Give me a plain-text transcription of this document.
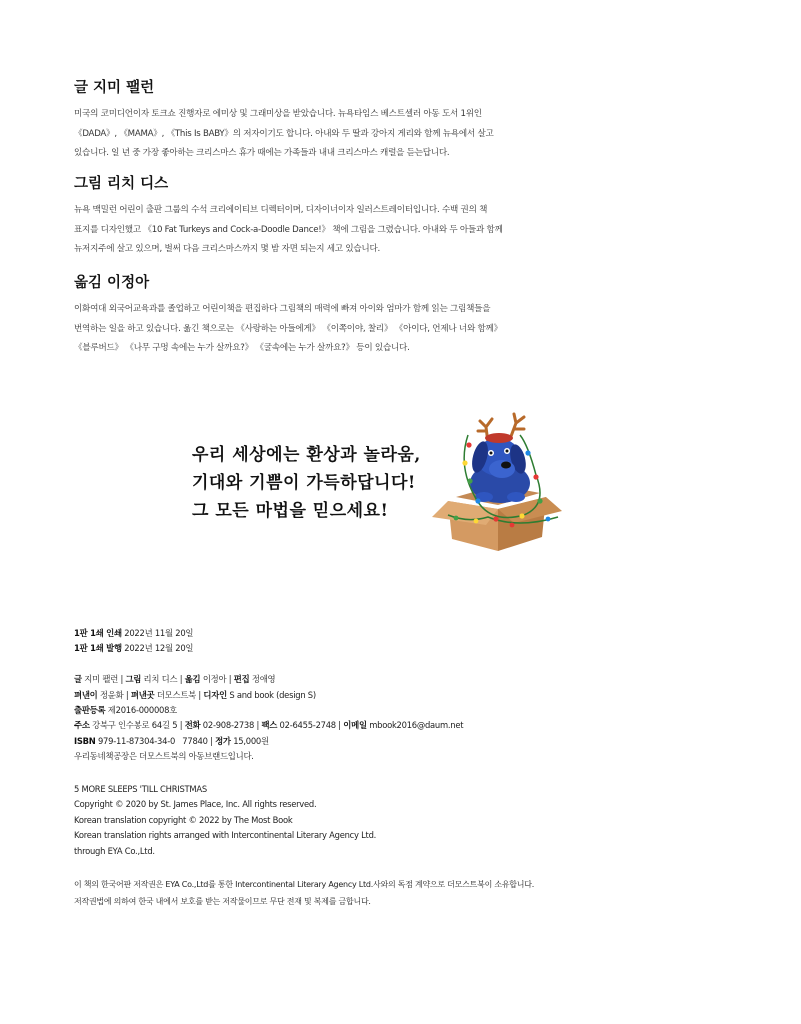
글 지미 팰런

미국의 코미디언이자 토크쇼 진행자로 에미상 및 그래미상을 받았습니다. 뉴욕타임스 베스트셀러 아동 도서 1위인

《DADA》, 《MAMA》, 《This Is BABY》의 저자이기도 합니다. 아내와 두 딸과 강아지 게리와 함께 뉴욕에서 살고

있습니다. 일 년 중 가장 좋아하는 크리스마스 휴가 때에는 가족들과 내내 크리스마스 캐럴을 듣는답니다.

그림 리치 디스

뉴욕 맥밀런 어린이 출판 그룹의 수석 크리에이티브 디렉터이며, 디자이너이자 일러스트레이터입니다. 수백 권의 책

표지를 디자인했고 《10 Fat Turkeys and Cock-a-Doodle Dance!》 책에 그림을 그렸습니다. 아내와 두 아들과 함께

뉴저지주에 살고 있으며, 벌써 다음 크리스마스까지 몇 밤 자면 되는지 세고 있습니다.

옮김 이정아

이화여대 외국어교육과를 졸업하고 어린이책을 편집하다 그림책의 매력에 빠져 아이와 엄마가 함께 읽는 그림책들을

번역하는 일을 하고 있습니다. 옮긴 책으로는 《사랑하는 아들에게》 《이쪽이야, 찰리》 《아이다, 언제나 너와 함께》

《블루버드》 《나무 구멍 속에는 누가 살까요?》 《굴속에는 누가 살까요?》 등이 있습니다.

우리 세상에는 환상과 놀라움,

기대와 기쁨이 가득하답니다!

그 모든 마법을 믿으세요!

1판 1쇄 인쇄 2022년 11월 20일

1판 1쇄 발행 2022년 12월 20일

글 지미 팰런 | 그림 리치 디스 | 옮김 이정아 | 편집 정애영

펴낸이 정윤화 | 펴낸곳 더모스트북 | 디자인 S and book (design S)

출판등록 제2016-000008호

주소 강북구 인수봉로 64길 5 | 전화 02-908-2738 | 팩스 02-6455-2748 | 이메일 mbook2016@daum.net

ISBN 979-11-87304-34-0   77840 | 정가 15,000원

우리동네책공장은 더모스트북의 아동브랜드입니다.

5 MORE SLEEPS 'TILL CHRISTMAS

Copyright © 2020 by St. James Place, Inc. All rights reserved.

Korean translation copyright © 2022 by The Most Book

Korean translation rights arranged with Intercontinental Literary Agency Ltd.

through EYA Co.,Ltd.

이 책의 한국어판 저작권은 EYA Co.,Ltd를 통한 Intercontinental Literary Agency Ltd.사와의 독점 계약으로 더모스트북이 소유합니다.

저작권법에 의하여 한국 내에서 보호를 받는 저작물이므로 무단 전재 및 복제를 금합니다.
